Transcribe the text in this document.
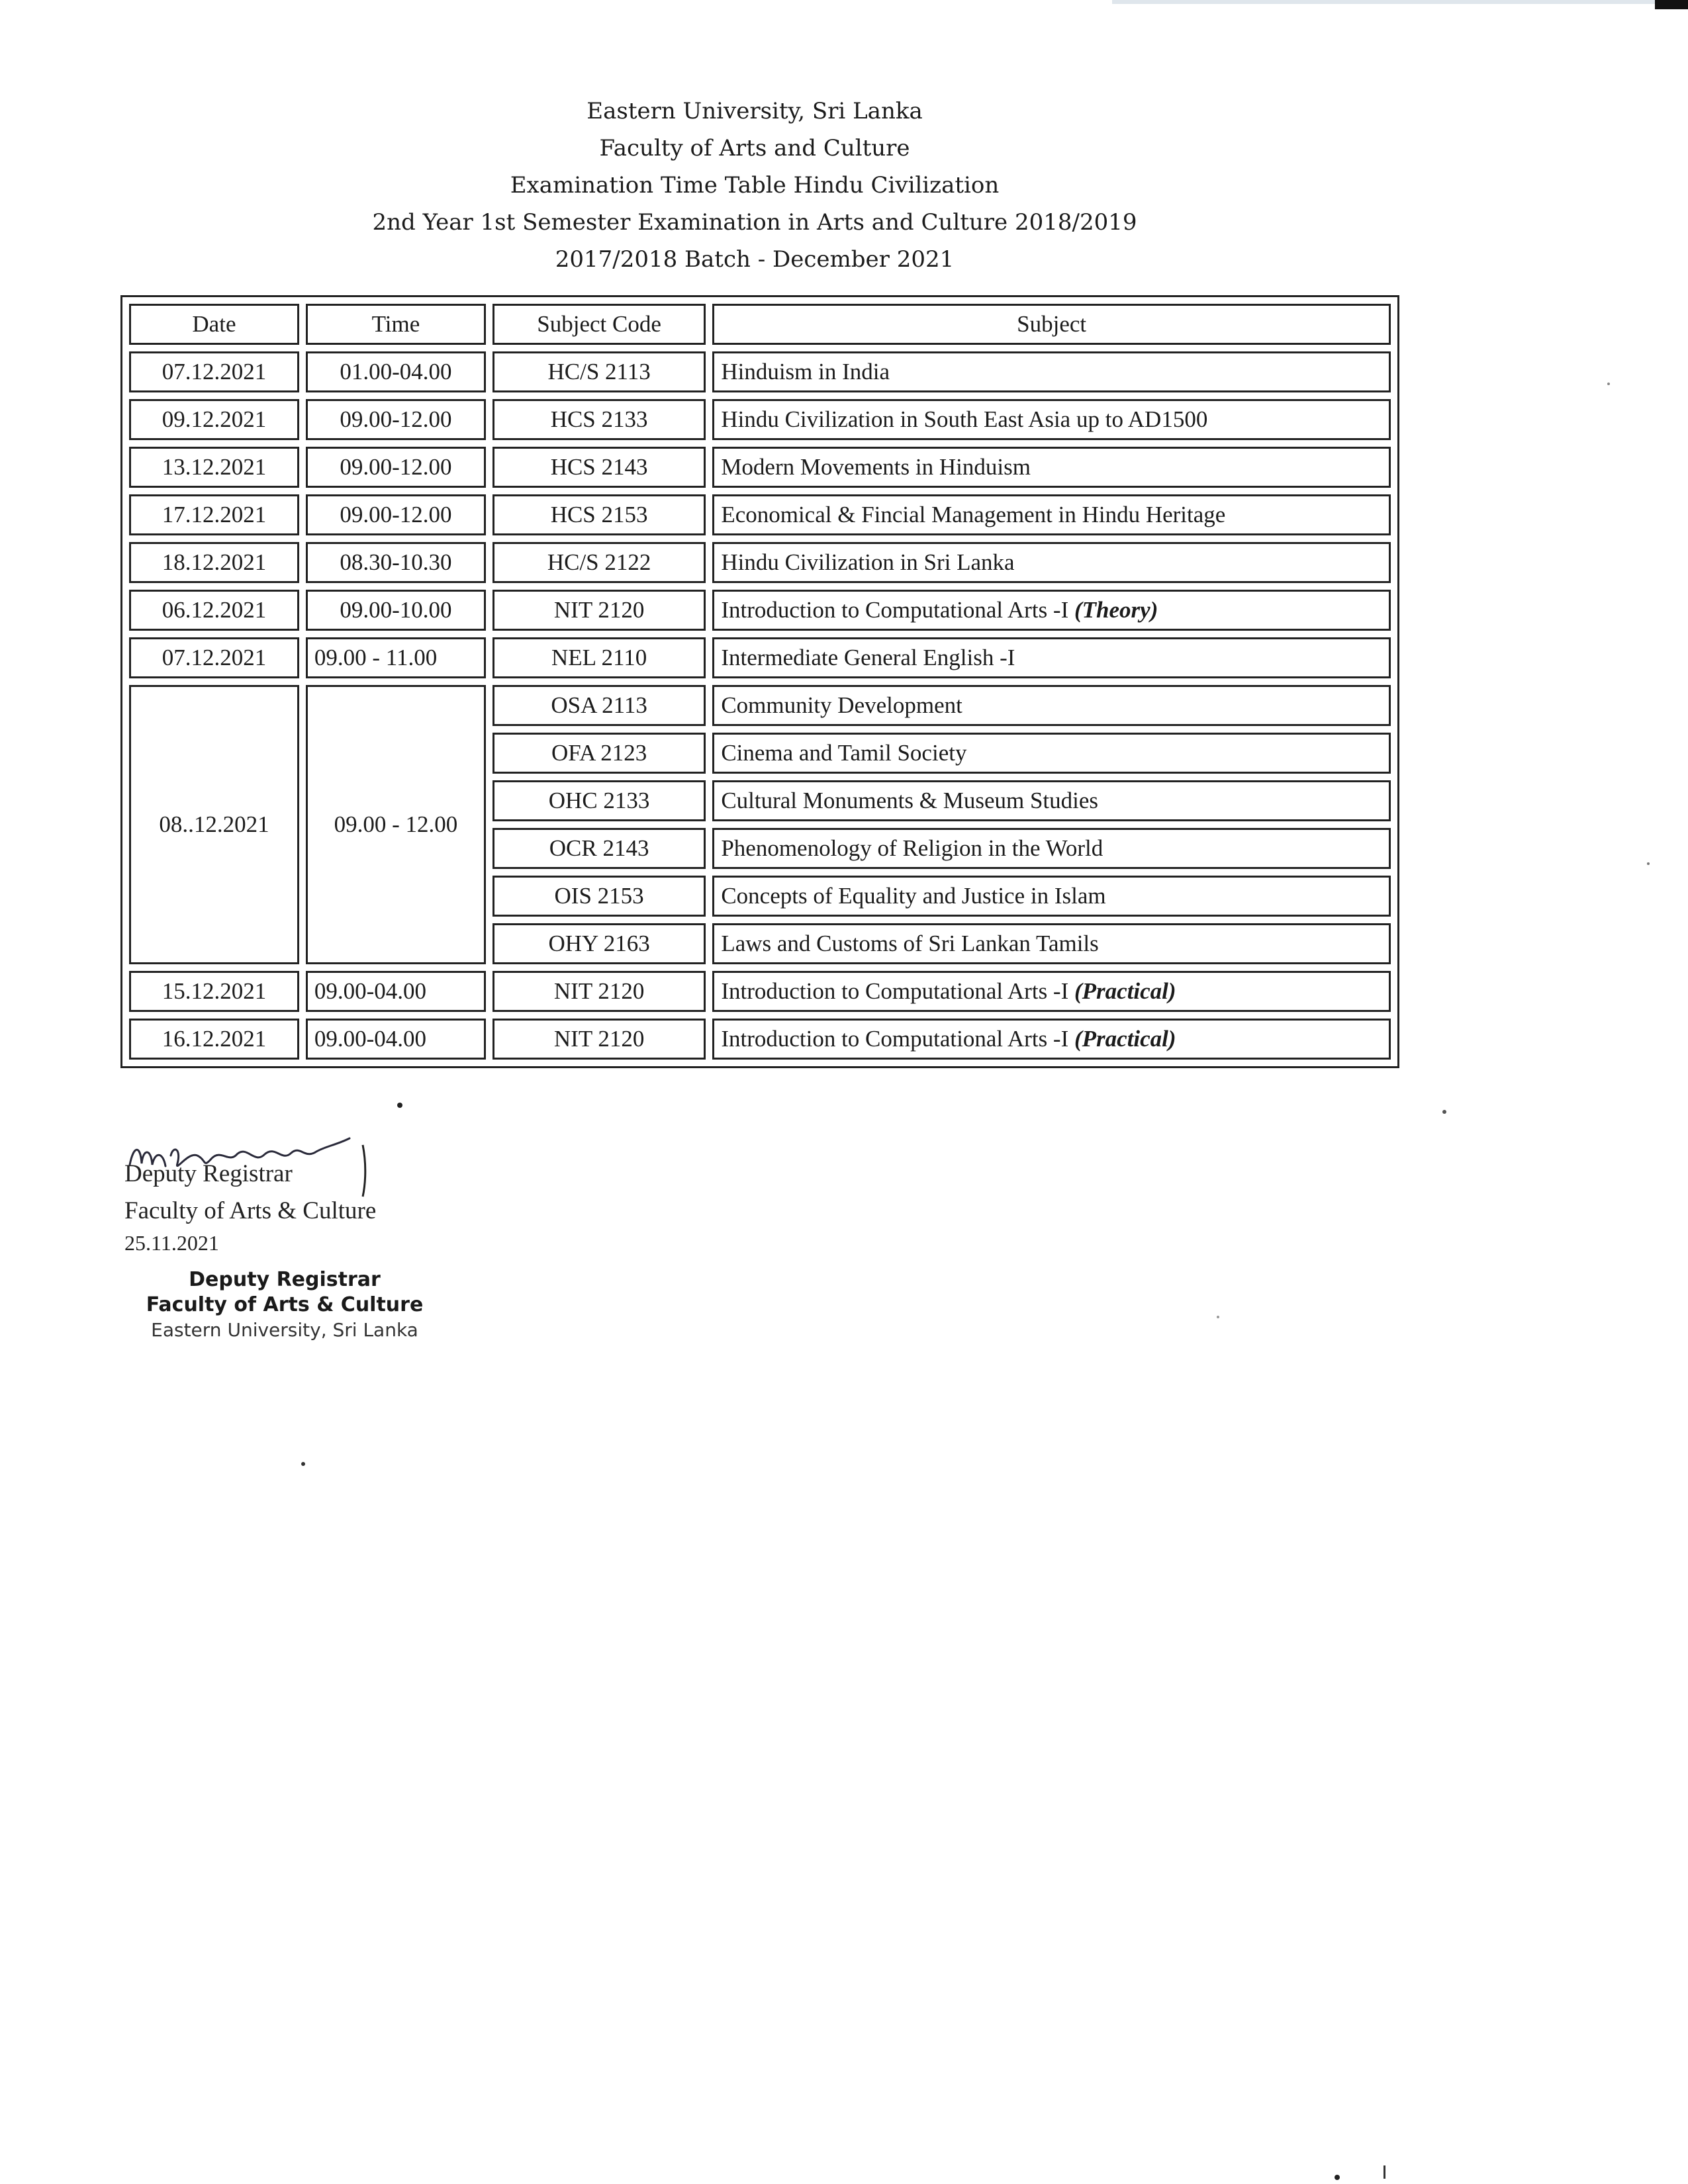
Eastern University, Sri Lanka
Faculty of Arts and Culture
Examination Time Table Hindu Civilization
2nd Year 1st Semester Examination in Arts and Culture 2018/2019
2017/2018 Batch - December 2021
Date	Time	Subject Code	Subject
07.12.2021	01.00-04.00	HC/S 2113	Hinduism in India
09.12.2021	09.00-12.00	HCS 2133	Hindu Civilization in South East Asia up to AD1500
13.12.2021	09.00-12.00	HCS 2143	Modern Movements in Hinduism
17.12.2021	09.00-12.00	HCS 2153	Economical & Fincial Management in Hindu Heritage
18.12.2021	08.30-10.30	HC/S 2122	Hindu Civilization in Sri Lanka
06.12.2021	09.00-10.00	NIT 2120	Introduction to Computational Arts -I (Theory)
07.12.2021	09.00 - 11.00	NEL 2110	Intermediate General English -I
08..12.2021	09.00 - 12.00	OSA 2113	Community Development
		OFA 2123	Cinema and Tamil Society
		OHC 2133	Cultural Monuments & Museum Studies
		OCR 2143	Phenomenology of Religion in the World
		OIS 2153	Concepts of Equality and Justice in Islam
		OHY 2163	Laws and Customs of Sri Lankan Tamils
15.12.2021	09.00-04.00	NIT 2120	Introduction to Computational Arts -I (Practical)
16.12.2021	09.00-04.00	NIT 2120	Introduction to Computational Arts -I (Practical)
Deputy Registrar
Faculty of Arts & Culture
25.11.2021
Deputy Registrar
Faculty of Arts & Culture
Eastern University, Sri Lanka
